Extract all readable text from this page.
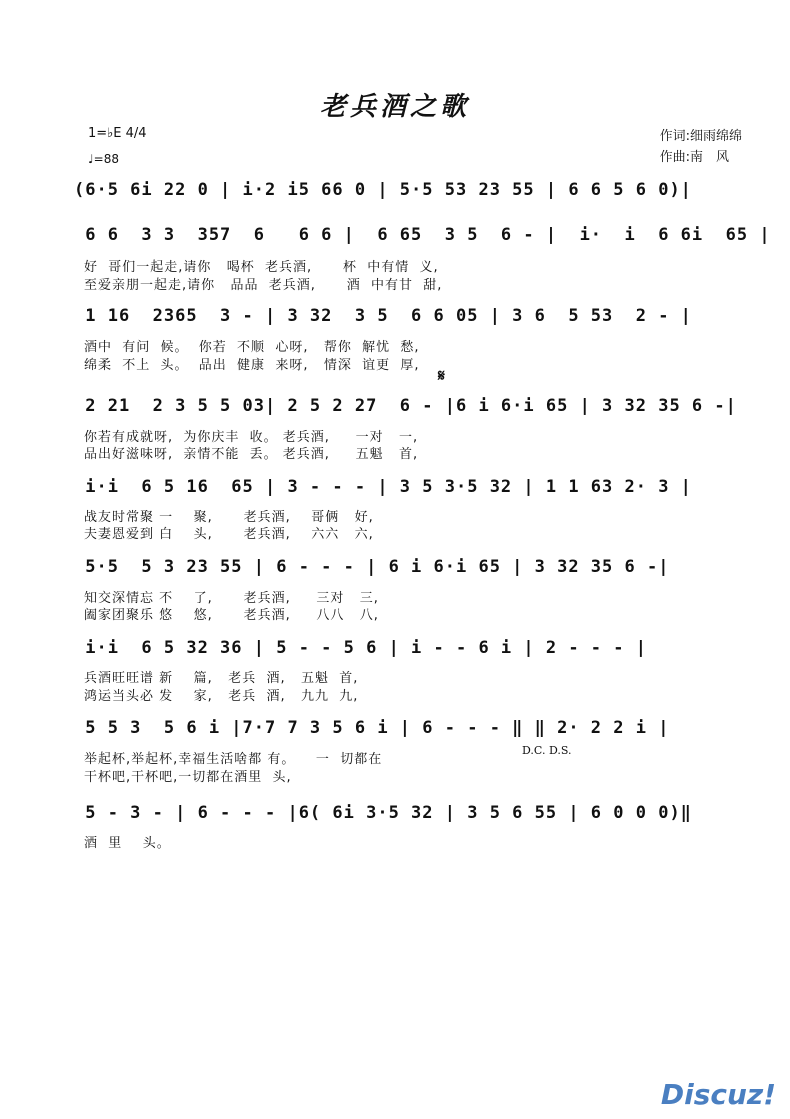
老兵酒之歌
1=♭E 4/4
♩=88
作词:细雨绵绵
作曲:南　风
𝄋
D.C. D.S.
(6·5 6i 22 0 | i·2 i5 66 0 | 5·5 53 23 55 | 6 6 5 6 0)|
6 6  3 3  357  6   6 6 |  6 65  3 5  6 - |  i·  i  6 6i  65 |
好  哥们一起走,请你   喝杯  老兵酒,      杯  中有情  义,
至爱亲朋一起走,请你   品品  老兵酒,      酒  中有甘  甜,
1 16  2365  3 - | 3 32  3 5  6 6 05 | 3 6  5 53  2 - |
酒中  有问  候。  你若  不顺  心呀,   帮你  解忧  愁,
绵柔  不上  头。  品出  健康  来呀,   情深  谊更  厚,
2 21  2 3 5 5 03| 2 5 2 27  6 - |6 i 6·i 65 | 3 32 35 6 -|
你若有成就呀,  为你庆丰  收。 老兵酒,     一对   一,
品出好滋味呀,  亲情不能  丢。 老兵酒,     五魁   首,
i·i  6 5 16  65 | 3 - - - | 3 5 3·5 32 | 1 1 63 2· 3 |
战友时常聚 一    聚,      老兵酒,    哥俩   好,
夫妻恩爱到 白    头,      老兵酒,    六六   六,
5·5  5 3 23 55 | 6 - - - | 6 i 6·i 65 | 3 32 35 6 -|
知交深情忘 不    了,      老兵酒,     三对   三,
阖家团聚乐 悠    悠,      老兵酒,     八八   八,
i·i  6 5 32 36 | 5 - - 5 6 | i - - 6 i | 2 - - - |
兵酒旺旺谱 新    篇,   老兵  酒,   五魁  首,
鸿运当头必 发    家,   老兵  酒,   九九  九,
5 5 3  5 6 i |7·7 7 3 5 6 i | 6 - - - ‖ ‖ 2· 2 2 i |
举起杯,举起杯,幸福生活啥都 有。    一  切都在
干杯吧,干杯吧,一切都在酒里  头,
5 - 3 - | 6 - - - |6( 6i 3·5 32 | 3 5 6 55 | 6 0 0 0)‖
酒  里    头。
Discuz!
